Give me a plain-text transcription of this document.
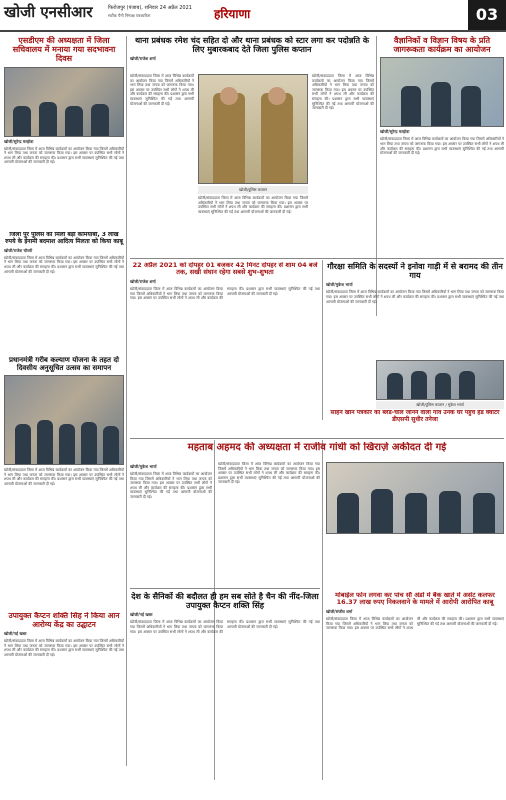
खोजी एनसीआर	फिरोजपुर (पंजाब), शनिवार 24 अप्रैल 2021
सटीक पैनी निष्पक्ष पत्रकारिता	हरियाणा	03
एसडीएम की अध्यक्षता में जिला सचिवालय में मनाया गया सदभावना दिवस
खोजी/सुरेन्द्र मल्होत्रा
खोजी/संवाददाता जिला में आज विभिन्न कार्यक्रमों का आयोजन किया गया जिसमें अधिकारियों ने भाग लिया तथा जनता को जागरूक किया गया। इस अवसर पर उपस्थित सभी लोगों ने शपथ ली और कार्यक्रम की सराहना की। प्रशासन द्वारा सभी व्यवस्थाएं सुनिश्चित की गईं तथा आगामी योजनाओं की जानकारी दी गई।
जिला पुर पुलिस को मिली बड़ी कामयाबी, 3 लाख रुपये के ईनामी बदमाश आदित्य मिलता को किया काबू
खोजी/राजेश चौधरी
खोजी/संवाददाता जिला में आज विभिन्न कार्यक्रमों का आयोजन किया गया जिसमें अधिकारियों ने भाग लिया तथा जनता को जागरूक किया गया। इस अवसर पर उपस्थित सभी लोगों ने शपथ ली और कार्यक्रम की सराहना की। प्रशासन द्वारा सभी व्यवस्थाएं सुनिश्चित की गईं तथा आगामी योजनाओं की जानकारी दी गई।
प्रधानमंत्री गरीब कल्याण योजना के तहत दो दिवसीय अनुसूचित उत्सव का समापन
खोजी/संवाददाता जिला में आज विभिन्न कार्यक्रमों का आयोजन किया गया जिसमें अधिकारियों ने भाग लिया तथा जनता को जागरूक किया गया। इस अवसर पर उपस्थित सभी लोगों ने शपथ ली और कार्यक्रम की सराहना की। प्रशासन द्वारा सभी व्यवस्थाएं सुनिश्चित की गईं तथा आगामी योजनाओं की जानकारी दी गई।
उपायुक्त कैप्टन शक्ति सिंह ने किया आन आरोग्य केंद्र का उद्घाटन
खोजी/नई खबर
खोजी/संवाददाता जिला में आज विभिन्न कार्यक्रमों का आयोजन किया गया जिसमें अधिकारियों ने भाग लिया तथा जनता को जागरूक किया गया। इस अवसर पर उपस्थित सभी लोगों ने शपथ ली और कार्यक्रम की सराहना की। प्रशासन द्वारा सभी व्यवस्थाएं सुनिश्चित की गईं तथा आगामी योजनाओं की जानकारी दी गई।
थाना प्रबंधक रमेश चंद सहित दो और थाना प्रबंधक को स्टार लगा कर पदोन्नति के लिए मुबारकबाद देते जिला पुलिस कप्तान
खोजी/राजेश शर्मा
खोजी/संवाददाता जिला में आज विभिन्न कार्यक्रमों का आयोजन किया गया जिसमें अधिकारियों ने भाग लिया तथा जनता को जागरूक किया गया। इस अवसर पर उपस्थित सभी लोगों ने शपथ ली और कार्यक्रम की सराहना की। प्रशासन द्वारा सभी व्यवस्थाएं सुनिश्चित की गईं तथा आगामी योजनाओं की जानकारी दी गई।
खोजी/संवाददाता जिला में आज विभिन्न कार्यक्रमों का आयोजन किया गया जिसमें अधिकारियों ने भाग लिया तथा जनता को जागरूक किया गया। इस अवसर पर उपस्थित सभी लोगों ने शपथ ली और कार्यक्रम की सराहना की। प्रशासन द्वारा सभी व्यवस्थाएं सुनिश्चित की गईं तथा आगामी योजनाओं की जानकारी दी गई।
खोजी/पुलिस कप्तान
खोजी/संवाददाता जिला में आज विभिन्न कार्यक्रमों का आयोजन किया गया जिसमें अधिकारियों ने भाग लिया तथा जनता को जागरूक किया गया। इस अवसर पर उपस्थित सभी लोगों ने शपथ ली और कार्यक्रम की सराहना की। प्रशासन द्वारा सभी व्यवस्थाएं सुनिश्चित की गईं तथा आगामी योजनाओं की जानकारी दी गई।
वैज्ञानिकों व विज्ञान विषय के प्रति जागरूकता कार्यक्रम का आयोजन
खोजी/सुरेन्द्र मल्होत्रा
खोजी/संवाददाता जिला में आज विभिन्न कार्यक्रमों का आयोजन किया गया जिसमें अधिकारियों ने भाग लिया तथा जनता को जागरूक किया गया। इस अवसर पर उपस्थित सभी लोगों ने शपथ ली और कार्यक्रम की सराहना की। प्रशासन द्वारा सभी व्यवस्थाएं सुनिश्चित की गईं तथा आगामी योजनाओं की जानकारी दी गई।
22 अप्रैल 2021 को दोपहर 01 बजकर 42 मिनट दोपहर से शाम 04 बजे तक, सखी संघान रहेगा सबसे शुभ-शुभता
खोजी/राजेश शर्मा
खोजी/संवाददाता जिला में आज विभिन्न कार्यक्रमों का आयोजन किया गया जिसमें अधिकारियों ने भाग लिया तथा जनता को जागरूक किया गया। इस अवसर पर उपस्थित सभी लोगों ने शपथ ली और कार्यक्रम की सराहना की। प्रशासन द्वारा सभी व्यवस्थाएं सुनिश्चित की गईं तथा आगामी योजनाओं की जानकारी दी गई।
गौरक्षा समिति के सदस्यों ने इनोवा गाड़ी में से बरामद की तीन गाय
खोजी/मुकेश भार्या
खोजी/संवाददाता जिला में आज विभिन्न कार्यक्रमों का आयोजन किया गया जिसमें अधिकारियों ने भाग लिया तथा जनता को जागरूक किया गया। इस अवसर पर उपस्थित सभी लोगों ने शपथ ली और कार्यक्रम की सराहना की। प्रशासन द्वारा सभी व्यवस्थाएं सुनिश्चित की गईं तथा आगामी योजनाओं की जानकारी दी गई।
खोजी/पुलिस कप्तान / मुकेश भार्या
साहन खान पत्रकार का ब्लड-चाल जानने वाला गांव उनके घर पहुंचे हैड क्वार्टर डीएसपी सुधीर तनेजा
महताब अहमद की अध्यक्षता में राजीव गांधी को खिराज़े अकीदत दी गई
खोजी/मुकेश भार्या
खोजी/संवाददाता जिला में आज विभिन्न कार्यक्रमों का आयोजन किया गया जिसमें अधिकारियों ने भाग लिया तथा जनता को जागरूक किया गया। इस अवसर पर उपस्थित सभी लोगों ने शपथ ली और कार्यक्रम की सराहना की। प्रशासन द्वारा सभी व्यवस्थाएं सुनिश्चित की गईं तथा आगामी योजनाओं की जानकारी दी गई।
खोजी/संवाददाता जिला में आज विभिन्न कार्यक्रमों का आयोजन किया गया जिसमें अधिकारियों ने भाग लिया तथा जनता को जागरूक किया गया। इस अवसर पर उपस्थित सभी लोगों ने शपथ ली और कार्यक्रम की सराहना की। प्रशासन द्वारा सभी व्यवस्थाएं सुनिश्चित की गईं तथा आगामी योजनाओं की जानकारी दी गई।
देश के सैनिकों की बदौलत ही हम सब सोते है चैन की नींद-जिला उपायुक्त कैप्टन शक्ति सिंह
खोजी/नई खबर
खोजी/संवाददाता जिला में आज विभिन्न कार्यक्रमों का आयोजन किया गया जिसमें अधिकारियों ने भाग लिया तथा जनता को जागरूक किया गया। इस अवसर पर उपस्थित सभी लोगों ने शपथ ली और कार्यक्रम की सराहना की। प्रशासन द्वारा सभी व्यवस्थाएं सुनिश्चित की गईं तथा आगामी योजनाओं की जानकारी दी गई।
मोबाईल फोन लगवा कर पांच सौ अंडों में बैंक खाते में असेट कलफर 16.37 लाख रुपए निकलवाने के मामले में आरोपी आरोपित काबू
खोजी/संजीव शर्मा
खोजी/संवाददाता जिला में आज विभिन्न कार्यक्रमों का आयोजन किया गया जिसमें अधिकारियों ने भाग लिया तथा जनता को जागरूक किया गया। इस अवसर पर उपस्थित सभी लोगों ने शपथ ली और कार्यक्रम की सराहना की। प्रशासन द्वारा सभी व्यवस्थाएं सुनिश्चित की गईं तथा आगामी योजनाओं की जानकारी दी गई।
